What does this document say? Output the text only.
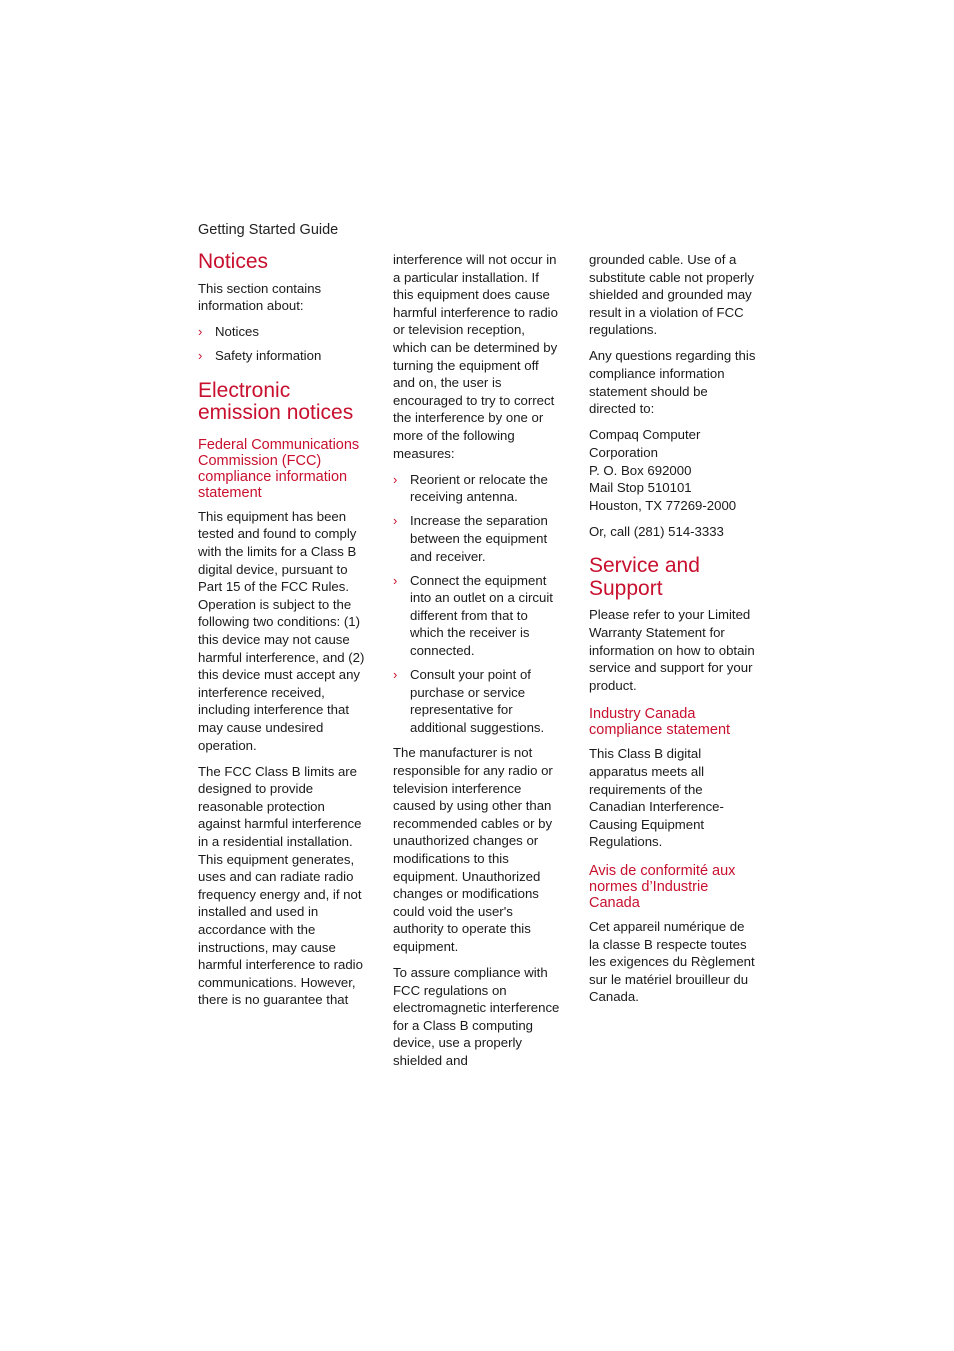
Getting Started Guide
Notices

This section contains information about:

› Notices
› Safety information
Electronic emission notices
Federal Communications Commission (FCC) compliance information statement

This equipment has been tested and found to comply with the limits for a Class B digital device, pursuant to Part 15 of the FCC Rules. Operation is subject to the following two conditions: (1) this device may not cause harmful interference, and (2) this device must accept any interference received, including interference that may cause undesired operation.

The FCC Class B limits are designed to provide reasonable protection against harmful interference in a residential installation. This equipment generates, uses and can radiate radio frequency energy and, if not installed and used in accordance with the instructions, may cause harmful interference to radio communications. However, there is no guarantee that

interference will not occur in a particular installation. If this equipment does cause harmful interference to radio or television reception, which can be determined by turning the equipment off and on, the user is encouraged to try to correct the interference by one or more of the following measures:

› Reorient or relocate the receiving antenna.
› Increase the separation between the equipment and receiver.
› Connect the equipment into an outlet on a circuit different from that to which the receiver is connected.
› Consult your point of purchase or service representative for additional suggestions.

The manufacturer is not responsible for any radio or television interference caused by using other than recommended cables or by unauthorized changes or modifications to this equipment. Unauthorized changes or modifications could void the user's authority to operate this equipment.

To assure compliance with FCC regulations on electromagnetic interference for a Class B computing device, use a properly shielded and

grounded cable. Use of a substitute cable not properly shielded and grounded may result in a violation of FCC regulations.

Any questions regarding this compliance information statement should be directed to:

Compaq Computer Corporation
P. O. Box 692000
Mail Stop 510101
Houston, TX 77269-2000

Or, call (281) 514-3333

Service and Support

Please refer to your Limited Warranty Statement for information on how to obtain service and support for your product.

Industry Canada compliance statement

This Class B digital apparatus meets all requirements of the Canadian Interference-Causing Equipment Regulations.

Avis de conformité aux normes d’Industrie Canada

Cet appareil numérique de la classe B respecte toutes les exigences du Règlement sur le matériel brouilleur du Canada.
